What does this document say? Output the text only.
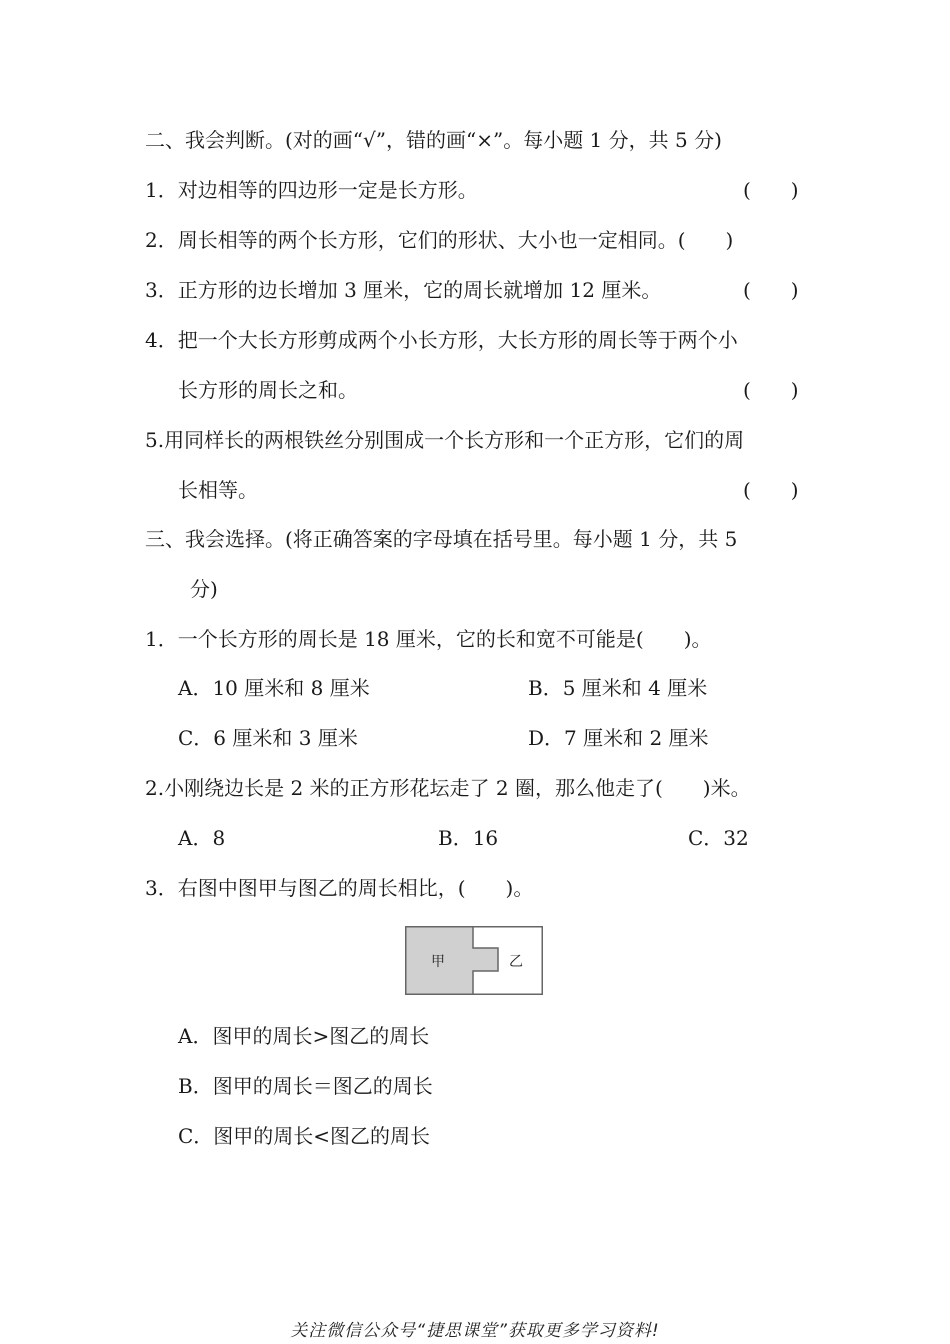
二、我会判断。(对的画“√”，错的画“×”。每小题 1 分，共 5 分)
1．对边相等的四边形一定是长方形。	(　　)
2．周长相等的两个长方形，它们的形状、大小也一定相同。(　　)
3．正方形的边长增加 3 厘米，它的周长就增加 12 厘米。	(　　)
4．把一个大长方形剪成两个小长方形，大长方形的周长等于两个小
长方形的周长之和。	(　　)
5.用同样长的两根铁丝分别围成一个长方形和一个正方形，它们的周
长相等。	(　　)
三、我会选择。(将正确答案的字母填在括号里。每小题 1 分，共 5
分)
1．一个长方形的周长是 18 厘米，它的长和宽不可能是(　　)。
A．10 厘米和 8 厘米	B．5 厘米和 4 厘米
C．6 厘米和 3 厘米	D．7 厘米和 2 厘米
2.小刚绕边长是 2 米的正方形花坛走了 2 圈，那么他走了(　　)米。
A．8	B．16	C．32
3．右图中图甲与图乙的周长相比，(　　)。
甲	乙
A．图甲的周长>图乙的周长
B．图甲的周长＝图乙的周长
C．图甲的周长<图乙的周长
关注微信公众号“捷思课堂”获取更多学习资料!
